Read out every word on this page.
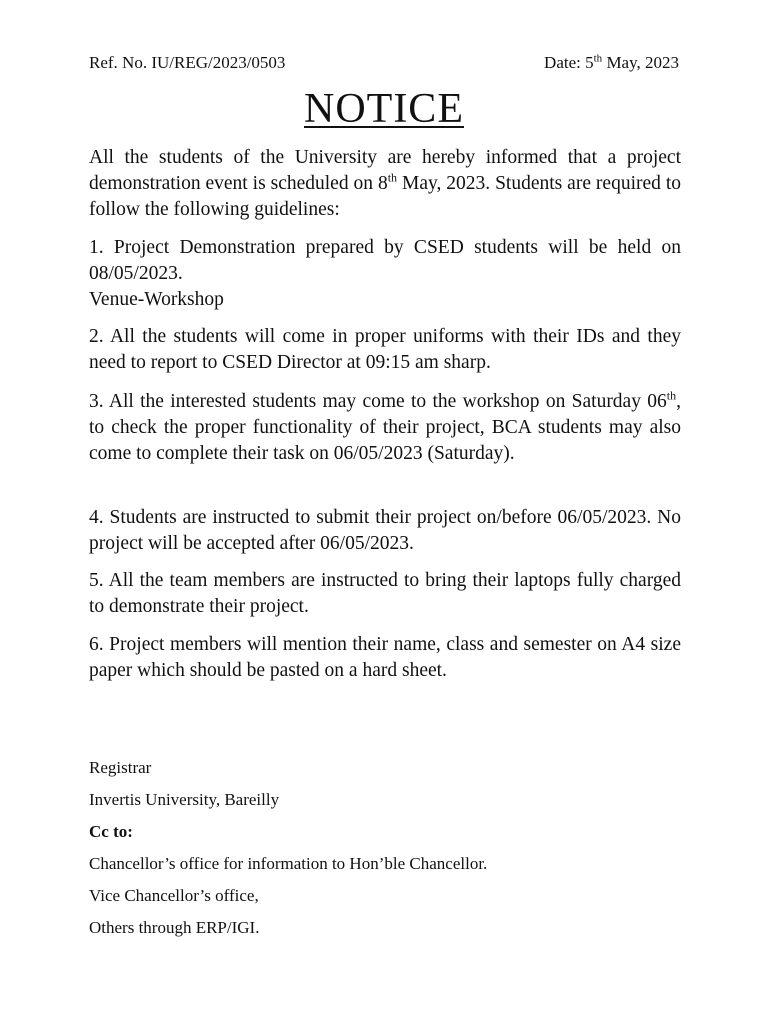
Ref. No. IU/REG/2023/0503	Date: 5th May, 2023
NOTICE
All the students of the University are hereby informed that a project demonstration event is scheduled on 8th May, 2023. Students are required to follow the following guidelines:
1. Project Demonstration prepared by CSED students will be held on 08/05/2023.
Venue-Workshop
2. All the students will come in proper uniforms with their IDs and they need to report to CSED Director at 09:15 am sharp.
3. All the interested students may come to the workshop on Saturday 06th, to check the proper functionality of their project, BCA students may also come to complete their task on 06/05/2023 (Saturday).
4. Students are instructed to submit their project on/before 06/05/2023. No project will be accepted after 06/05/2023.
5. All the team members are instructed to bring their laptops fully charged to demonstrate their project.
6. Project members will mention their name, class and semester on A4 size paper which should be pasted on a hard sheet.
Registrar
Invertis University, Bareilly
Cc to:
Chancellor’s office for information to Hon’ble Chancellor.
Vice Chancellor’s office,
Others through ERP/IGI.
